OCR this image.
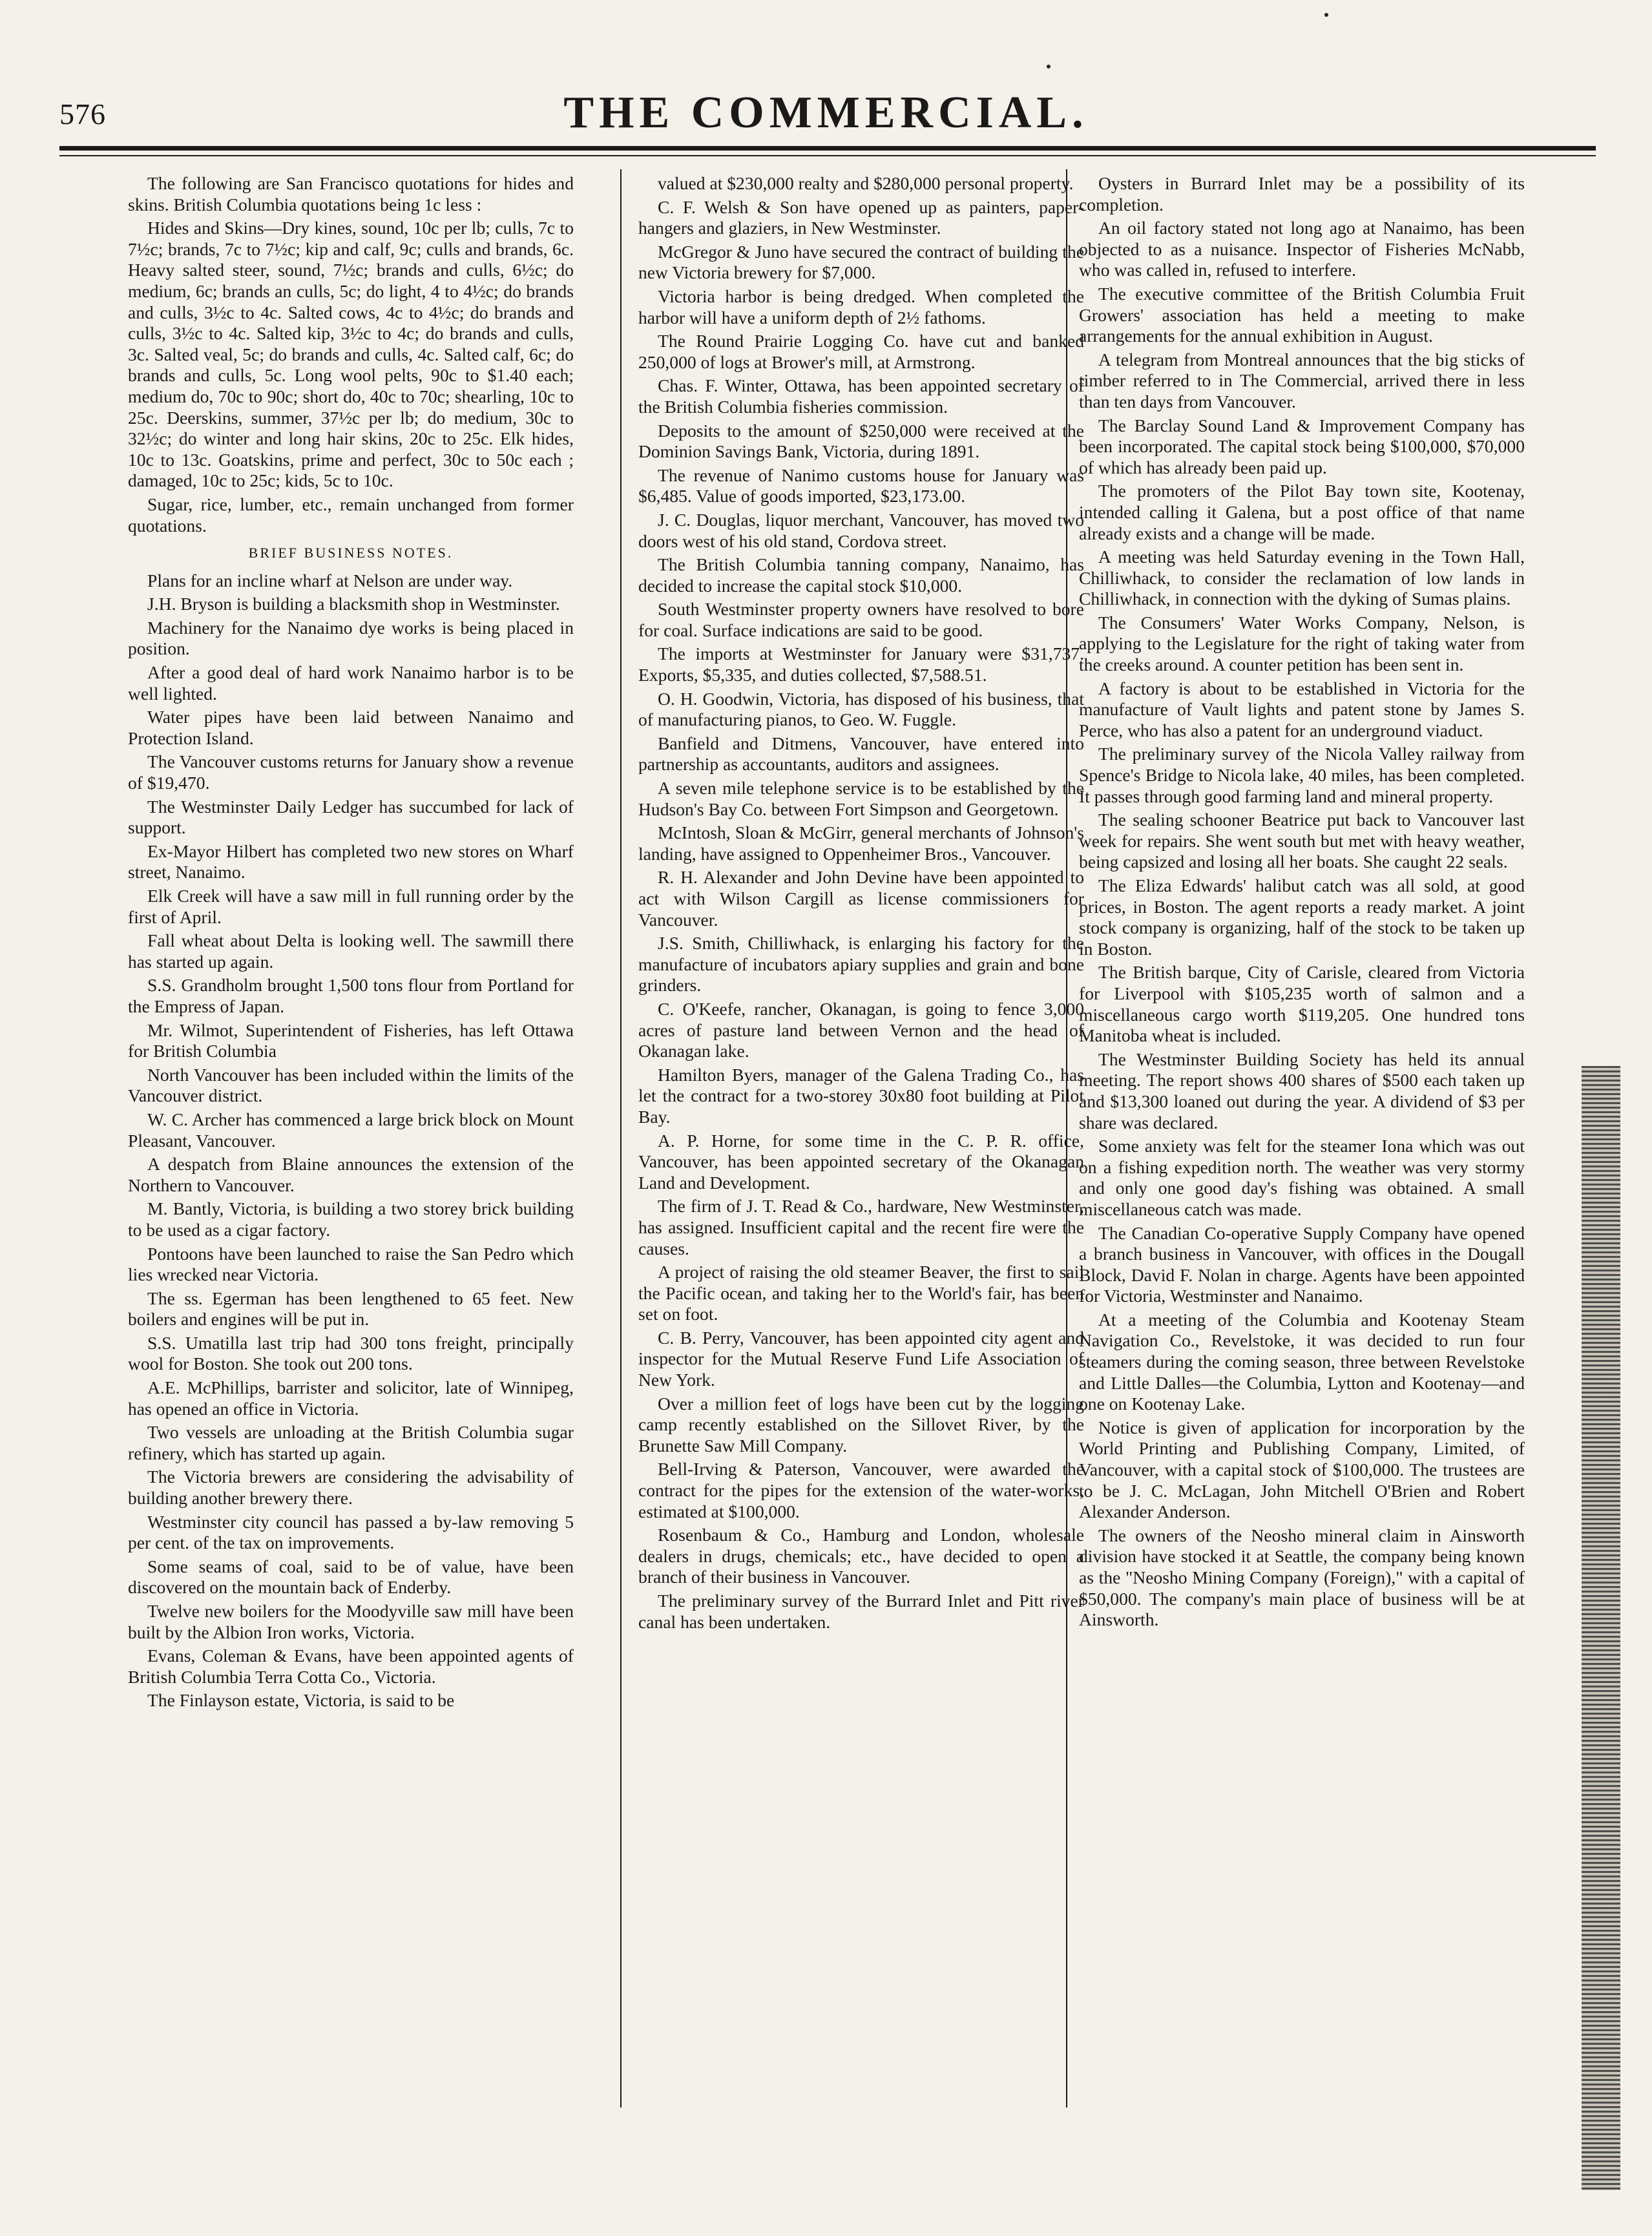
576	THE COMMERCIAL.

The following are San Francisco quotations for hides and skins. British Columbia quotations being 1c less :

Hides and Skins—Dry kines, sound, 10c per lb; culls, 7c to 7½c; brands, 7c to 7½c; kip and calf, 9c; culls and brands, 6c. Heavy salted steer, sound, 7½c; brands and culls, 6½c; do medium, 6c; brands an culls, 5c; do light, 4 to 4½c; do brands and culls, 3½c to 4c. Salted cows, 4c to 4½c; do brands and culls, 3½c to 4c. Salted kip, 3½c to 4c; do brands and culls, 3c. Salted veal, 5c; do brands and culls, 4c. Salted calf, 6c; do brands and culls, 5c. Long wool pelts, 90c to $1.40 each; medium do, 70c to 90c; short do, 40c to 70c; shearling, 10c to 25c. Deerskins, summer, 37½c per lb; do medium, 30c to 32½c; do winter and long hair skins, 20c to 25c. Elk hides, 10c to 13c. Goatskins, prime and perfect, 30c to 50c each ; damaged, 10c to 25c; kids, 5c to 10c.

Sugar, rice, lumber, etc., remain unchanged from former quotations.

BRIEF BUSINESS NOTES.

Plans for an incline wharf at Nelson are under way.

J.H. Bryson is building a blacksmith shop in Westminster.

Machinery for the Nanaimo dye works is being placed in position.

After a good deal of hard work Nanaimo harbor is to be well lighted.

Water pipes have been laid between Nanaimo and Protection Island.

The Vancouver customs returns for January show a revenue of $19,470.

The Westminster Daily Ledger has succumbed for lack of support.

Ex-Mayor Hilbert has completed two new stores on Wharf street, Nanaimo.

Elk Creek will have a saw mill in full running order by the first of April.

Fall wheat about Delta is looking well. The sawmill there has started up again.

S.S. Grandholm brought 1,500 tons flour from Portland for the Empress of Japan.

Mr. Wilmot, Superintendent of Fisheries, has left Ottawa for British Columbia

North Vancouver has been included within the limits of the Vancouver district.

W. C. Archer has commenced a large brick block on Mount Pleasant, Vancouver.

A despatch from Blaine announces the extension of the Northern to Vancouver.

M. Bantly, Victoria, is building a two storey brick building to be used as a cigar factory.

Pontoons have been launched to raise the San Pedro which lies wrecked near Victoria.

The ss. Egerman has been lengthened to 65 feet. New boilers and engines will be put in.

S.S. Umatilla last trip had 300 tons freight, principally wool for Boston. She took out 200 tons.

A.E. McPhillips, barrister and solicitor, late of Winnipeg, has opened an office in Victoria.

Two vessels are unloading at the British Columbia sugar refinery, which has started up again.

The Victoria brewers are considering the advisability of building another brewery there.

Westminster city council has passed a by-law removing 5 per cent. of the tax on improvements.

Some seams of coal, said to be of value, have been discovered on the mountain back of Enderby.

Twelve new boilers for the Moodyville saw mill have been built by the Albion Iron works, Victoria.

Evans, Coleman & Evans, have been appointed agents of British Columbia Terra Cotta Co., Victoria.

The Finlayson estate, Victoria, is said to be

valued at $230,000 realty and $280,000 personal property.

C. F. Welsh & Son have opened up as painters, paper-hangers and glaziers, in New Westminster.

McGregor & Juno have secured the contract of building the new Victoria brewery for $7,000.

Victoria harbor is being dredged. When completed the harbor will have a uniform depth of 2½ fathoms.

The Round Prairie Logging Co. have cut and banked 250,000 of logs at Brower's mill, at Armstrong.

Chas. F. Winter, Ottawa, has been appointed secretary of the British Columbia fisheries commission.

Deposits to the amount of $250,000 were received at the Dominion Savings Bank, Victoria, during 1891.

The revenue of Nanimo customs house for January was $6,485. Value of goods imported, $23,173.00.

J. C. Douglas, liquor merchant, Vancouver, has moved two doors west of his old stand, Cordova street.

The British Columbia tanning company, Nanaimo, has decided to increase the capital stock $10,000.

South Westminster property owners have resolved to bore for coal. Surface indications are said to be good.

The imports at Westminster for January were $31,737. Exports, $5,335, and duties collected, $7,588.51.

O. H. Goodwin, Victoria, has disposed of his business, that of manufacturing pianos, to Geo. W. Fuggle.

Banfield and Ditmens, Vancouver, have entered into partnership as accountants, auditors and assignees.

A seven mile telephone service is to be established by the Hudson's Bay Co. between Fort Simpson and Georgetown.

McIntosh, Sloan & McGirr, general merchants of Johnson's landing, have assigned to Oppenheimer Bros., Vancouver.

R. H. Alexander and John Devine have been appointed to act with Wilson Cargill as license commissioners for Vancouver.

J.S. Smith, Chilliwhack, is enlarging his factory for the manufacture of incubators apiary supplies and grain and bone grinders.

C. O'Keefe, rancher, Okanagan, is going to fence 3,000 acres of pasture land between Vernon and the head of Okanagan lake.

Hamilton Byers, manager of the Galena Trading Co., has let the contract for a two-storey 30x80 foot building at Pilot Bay.

A. P. Horne, for some time in the C. P. R. office, Vancouver, has been appointed secretary of the Okanagan Land and Development.

The firm of J. T. Read & Co., hardware, New Westminster, has assigned. Insufficient capital and the recent fire were the causes.

A project of raising the old steamer Beaver, the first to sail the Pacific ocean, and taking her to the World's fair, has been set on foot.

C. B. Perry, Vancouver, has been appointed city agent and inspector for the Mutual Reserve Fund Life Association of New York.

Over a million feet of logs have been cut by the logging camp recently established on the Sillovet River, by the Brunette Saw Mill Company.

Bell-Irving & Paterson, Vancouver, were awarded the contract for the pipes for the extension of the water-works, estimated at $100,000.

Rosenbaum & Co., Hamburg and London, wholesale dealers in drugs, chemicals; etc., have decided to open a branch of their business in Vancouver.

The preliminary survey of the Burrard Inlet and Pitt river canal has been undertaken.

Oysters in Burrard Inlet may be a possibility of its completion.

An oil factory stated not long ago at Nanaimo, has been objected to as a nuisance. Inspector of Fisheries McNabb, who was called in, refused to interfere.

The executive committee of the British Columbia Fruit Growers' association has held a meeting to make arrangements for the annual exhibition in August.

A telegram from Montreal announces that the big sticks of timber referred to in The Commercial, arrived there in less than ten days from Vancouver.

The Barclay Sound Land & Improvement Company has been incorporated. The capital stock being $100,000, $70,000 of which has already been paid up.

The promoters of the Pilot Bay town site, Kootenay, intended calling it Galena, but a post office of that name already exists and a change will be made.

A meeting was held Saturday evening in the Town Hall, Chilliwhack, to consider the reclamation of low lands in Chilliwhack, in connection with the dyking of Sumas plains.

The Consumers' Water Works Company, Nelson, is applying to the Legislature for the right of taking water from the creeks around. A counter petition has been sent in.

A factory is about to be established in Victoria for the manufacture of Vault lights and patent stone by James S. Perce, who has also a patent for an underground viaduct.

The preliminary survey of the Nicola Valley railway from Spence's Bridge to Nicola lake, 40 miles, has been completed. It passes through good farming land and mineral property.

The sealing schooner Beatrice put back to Vancouver last week for repairs. She went south but met with heavy weather, being capsized and losing all her boats. She caught 22 seals.

The Eliza Edwards' halibut catch was all sold, at good prices, in Boston. The agent reports a ready market. A joint stock company is organizing, half of the stock to be taken up in Boston.

The British barque, City of Carisle, cleared from Victoria for Liverpool with $105,235 worth of salmon and a miscellaneous cargo worth $119,205. One hundred tons Manitoba wheat is included.

The Westminster Building Society has held its annual meeting. The report shows 400 shares of $500 each taken up and $13,300 loaned out during the year. A dividend of $3 per share was declared.

Some anxiety was felt for the steamer Iona which was out on a fishing expedition north. The weather was very stormy and only one good day's fishing was obtained. A small miscellaneous catch was made.

The Canadian Co-operative Supply Company have opened a branch business in Vancouver, with offices in the Dougall Block, David F. Nolan in charge. Agents have been appointed for Victoria, Westminster and Nanaimo.

At a meeting of the Columbia and Kootenay Steam Navigation Co., Revelstoke, it was decided to run four steamers during the coming season, three between Revelstoke and Little Dalles—the Columbia, Lytton and Kootenay—and one on Kootenay Lake.

Notice is given of application for incorporation by the World Printing and Publishing Company, Limited, of Vancouver, with a capital stock of $100,000. The trustees are to be J. C. McLagan, John Mitchell O'Brien and Robert Alexander Anderson.

The owners of the Neosho mineral claim in Ainsworth division have stocked it at Seattle, the company being known as the "Neosho Mining Company (Foreign)," with a capital of $50,000. The company's main place of business will be at Ainsworth.
